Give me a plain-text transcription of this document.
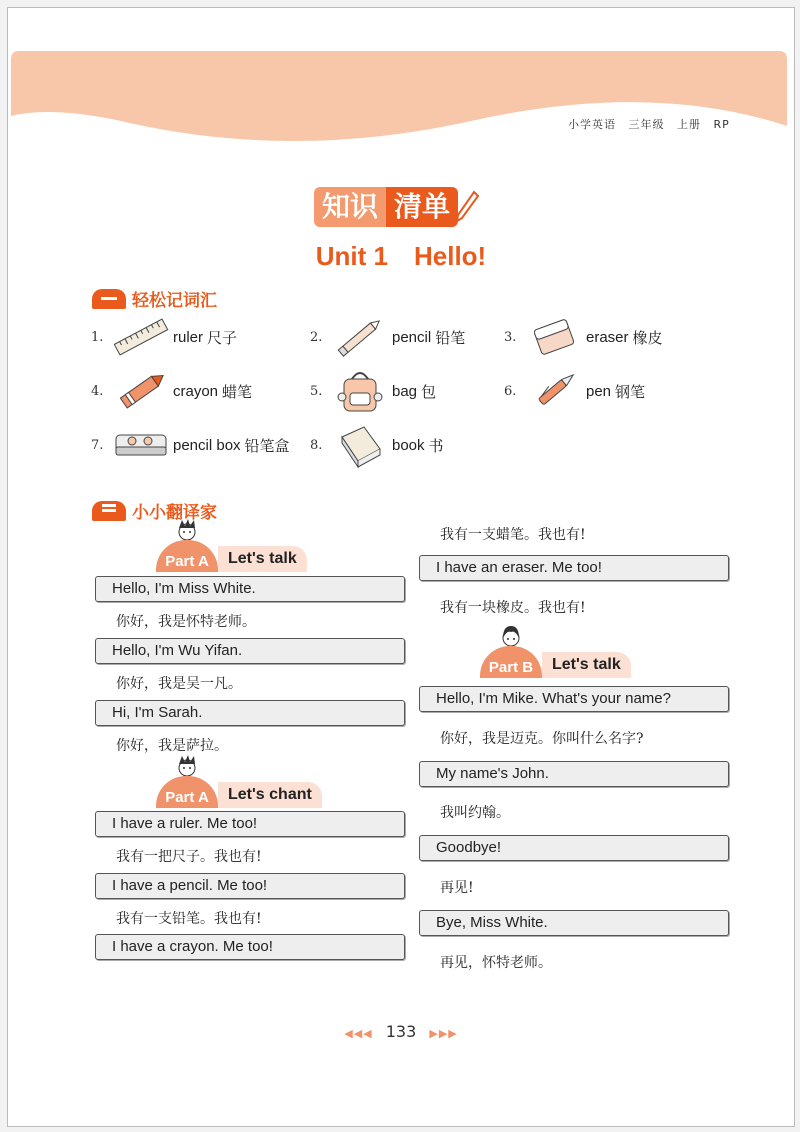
小学英语 三年级 上册 RP
知识 清单
Unit 1　Hello!
轻松记词汇
1.	ruler 尺子	2.	pencil 铅笔	3.	eraser 橡皮
4.	crayon 蜡笔	5.	bag 包	6.	pen 钢笔
7.	pencil box 铅笔盒 8.	book 书
小小翻译家
Part A	Let's talk
Hello, I'm Miss White.
你好，我是怀特老师。
Hello, I'm Wu Yifan.
你好，我是吴一凡。
Hi, I'm Sarah.
你好，我是萨拉。
Part A	Let's chant
I have a ruler. Me too!
我有一把尺子。我也有!
I have a pencil. Me too!
我有一支铅笔。我也有!
I have a crayon. Me too!
我有一支蜡笔。我也有!
I have an eraser. Me too!
我有一块橡皮。我也有!
Part B	Let's talk
Hello, I'm Mike. What's your name?
你好，我是迈克。你叫什么名字?
My name's John.
我叫约翰。
Goodbye!
再见!
Bye, Miss White.
再见，怀特老师。
◀◀◀ 133 ▶▶▶
